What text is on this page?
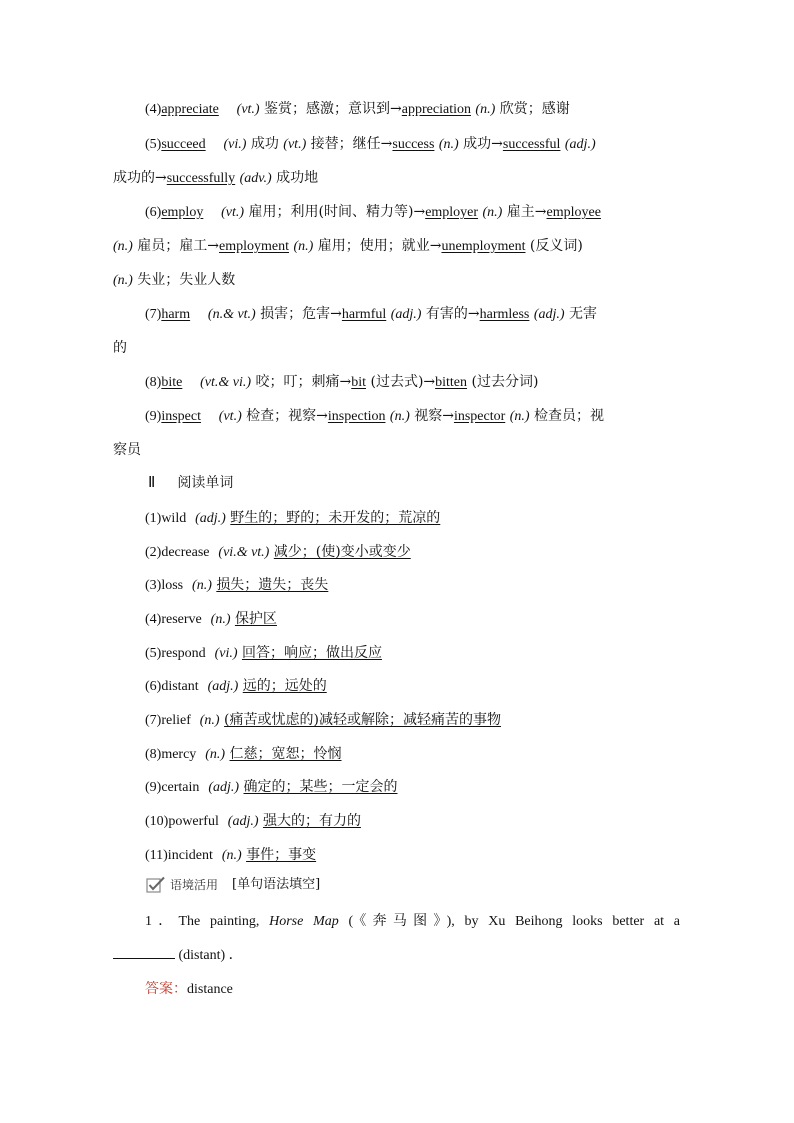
(4)appreciate (vt.) 鉴赏；感激；意识到→appreciation (n.) 欣赏；感谢
(5)succeed (vi.) 成功 (vt.) 接替；继任→success (n.) 成功→successful (adj.)
成功的→successfully (adv.) 成功地
(6)employ (vt.) 雇用；利用(时间、精力等)→employer (n.) 雇主→employee
(n.) 雇员；雇工→employment (n.) 雇用；使用；就业→unemployment (反义词)
(n.) 失业；失业人数
(7)harm (n.& vt.) 损害；危害→harmful (adj.) 有害的→harmless (adj.) 无害
的
(8)bite (vt.& vi.) 咬；叮；刺痛→bit (过去式)→bitten (过去分词)
(9)inspect (vt.) 检查；视察→inspection (n.) 视察→inspector (n.) 检查员；视
察员
Ⅱ 阅读单词
(1)wild (adj.) 野生的；野的；未开发的；荒凉的
(2)decrease (vi.& vt.) 减少；(使)变小或变少
(3)loss (n.) 损失；遗失；丧失
(4)reserve (n.) 保护区
(5)respond (vi.) 回答；响应；做出反应
(6)distant (adj.) 远的；远处的
(7)relief (n.) (痛苦或忧虑的)减轻或解除；减轻痛苦的事物
(8)mercy (n.) 仁慈；宽恕；怜悯
(9)certain (adj.) 确定的；某些；一定会的
(10)powerful (adj.) 强大的；有力的
(11)incident (n.) 事件；事变
语境活用 [单句语法填空]
1．The painting, Horse Map (《奔马图》), by Xu Beihong looks better at a
(distant) ．
答案：distance
